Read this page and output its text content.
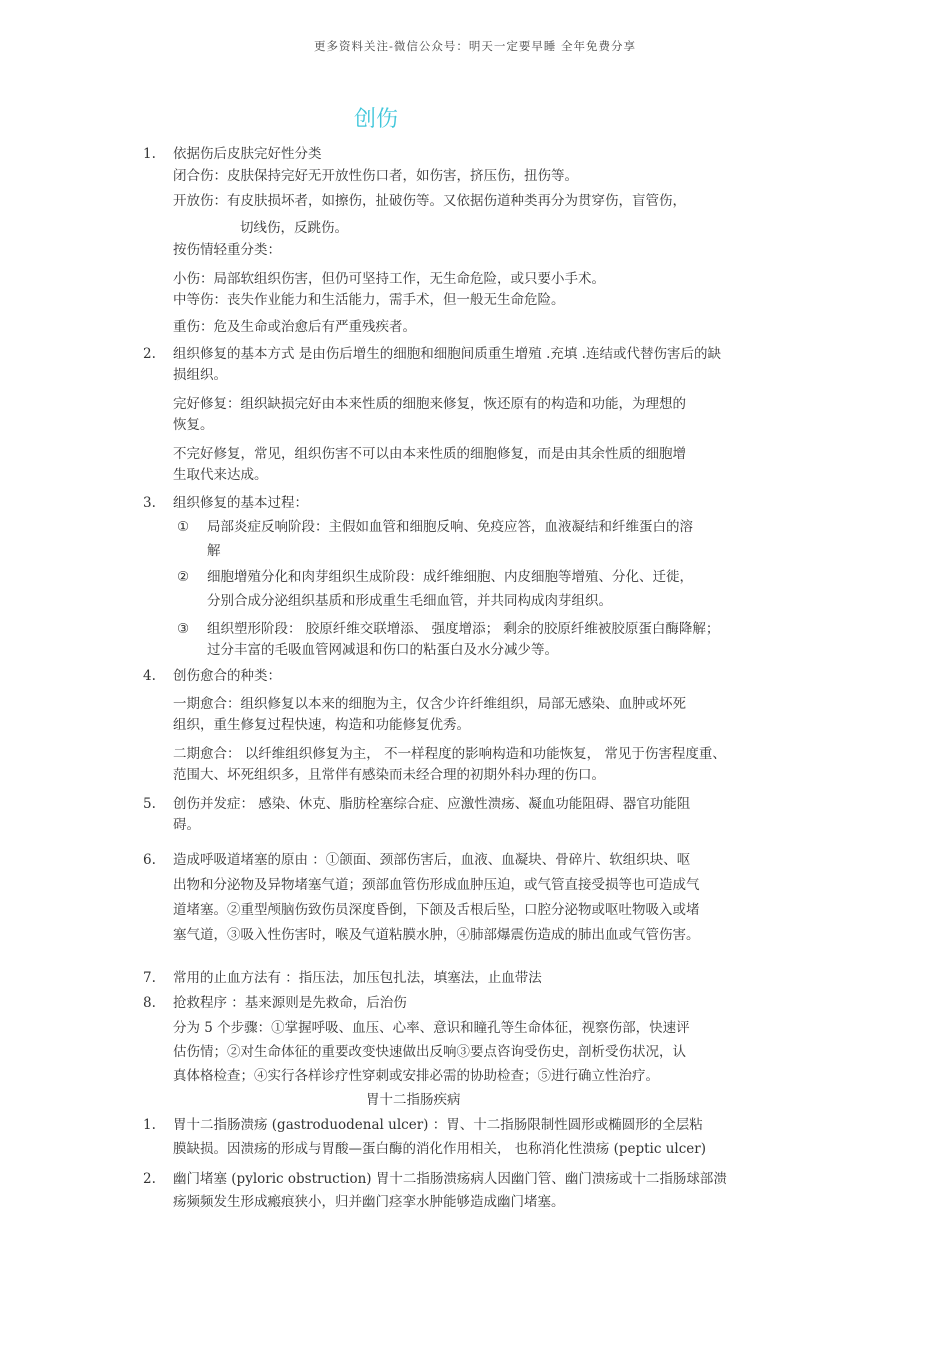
更多资料关注-微信公众号：明天一定要早睡 全年免费分享
创伤
1. 依据伤后皮肤完好性分类
闭合伤：皮肤保持完好无开放性伤口者，如伤害，挤压伤，扭伤等。
开放伤：有皮肤损坏者，如擦伤，扯破伤等。又依据伤道种类再分为贯穿伤，盲管伤，
切线伤，反跳伤。
按伤情轻重分类：
小伤：局部软组织伤害，但仍可坚持工作，无生命危险，或只要小手术。
中等伤：丧失作业能力和生活能力，需手术，但一般无生命危险。
重伤：危及生命或治愈后有严重残疾者。
2. 组织修复的基本方式 是由伤后增生的细胞和细胞间质重生增殖 .充填 .连结或代替伤害后的缺
损组织。
完好修复：组织缺损完好由本来性质的细胞来修复，恢还原有的构造和功能，为理想的
恢复。
不完好修复，常见，组织伤害不可以由本来性质的细胞修复，而是由其余性质的细胞增
生取代来达成。
3. 组织修复的基本过程：
① 局部炎症反响阶段：主假如血管和细胞反响、免疫应答，血液凝结和纤维蛋白的溶
解
② 细胞增殖分化和肉芽组织生成阶段：成纤维细胞、内皮细胞等增殖、分化、迁徙，
分别合成分泌组织基质和形成重生毛细血管，并共同构成肉芽组织。
③ 组织塑形阶段： 胶原纤维交联增添、 强度增添； 剩余的胶原纤维被胶原蛋白酶降解；
过分丰富的毛吸血管网减退和伤口的粘蛋白及水分减少等。
4. 创伤愈合的种类：
一期愈合：组织修复以本来的细胞为主，仅含少许纤维组织，局部无感染、血肿或坏死
组织，重生修复过程快速，构造和功能修复优秀。
二期愈合： 以纤维组织修复为主， 不一样程度的影响构造和功能恢复， 常见于伤害程度重、
范围大、坏死组织多，且常伴有感染而未经合理的初期外科办理的伤口。
5. 创伤并发症： 感染、休克、脂肪栓塞综合症、应激性溃疡、凝血功能阻碍、器官功能阻
碍。
6. 造成呼吸道堵塞的原由 ：①颌面、颈部伤害后，血液、血凝块、骨碎片、软组织块、呕
出物和分泌物及异物堵塞气道；颈部血管伤形成血肿压迫，或气管直接受损等也可造成气
道堵塞。②重型颅脑伤致伤员深度昏倒，下颌及舌根后坠，口腔分泌物或呕吐物吸入或堵
塞气道，③吸入性伤害时，喉及气道粘膜水肿，④肺部爆震伤造成的肺出血或气管伤害。
7. 常用的止血方法有 ：指压法，加压包扎法，填塞法，止血带法
8. 抢救程序 ：基来源则是先救命，后治伤
分为 5 个步骤：①掌握呼吸、血压、心率、意识和瞳孔等生命体征，视察伤部，快速评
估伤情；②对生命体征的重要改变快速做出反响③要点咨询受伤史，剖析受伤状况，认
真体格检查；④实行各样诊疗性穿刺或安排必需的协助检查；⑤进行确立性治疗。
胃十二指肠疾病
1. 胃十二指肠溃疡 (gastroduodenal ulcer) ：胃、十二指肠限制性圆形或椭圆形的全层粘
膜缺损。因溃疡的形成与胃酸—蛋白酶的消化作用相关， 也称消化性溃疡 (peptic ulcer)
2. 幽门堵塞 (pyloric obstruction) 胃十二指肠溃疡病人因幽门管、幽门溃疡或十二指肠球部溃
疡频频发生形成瘢痕狭小，归并幽门痉挛水肿能够造成幽门堵塞。
